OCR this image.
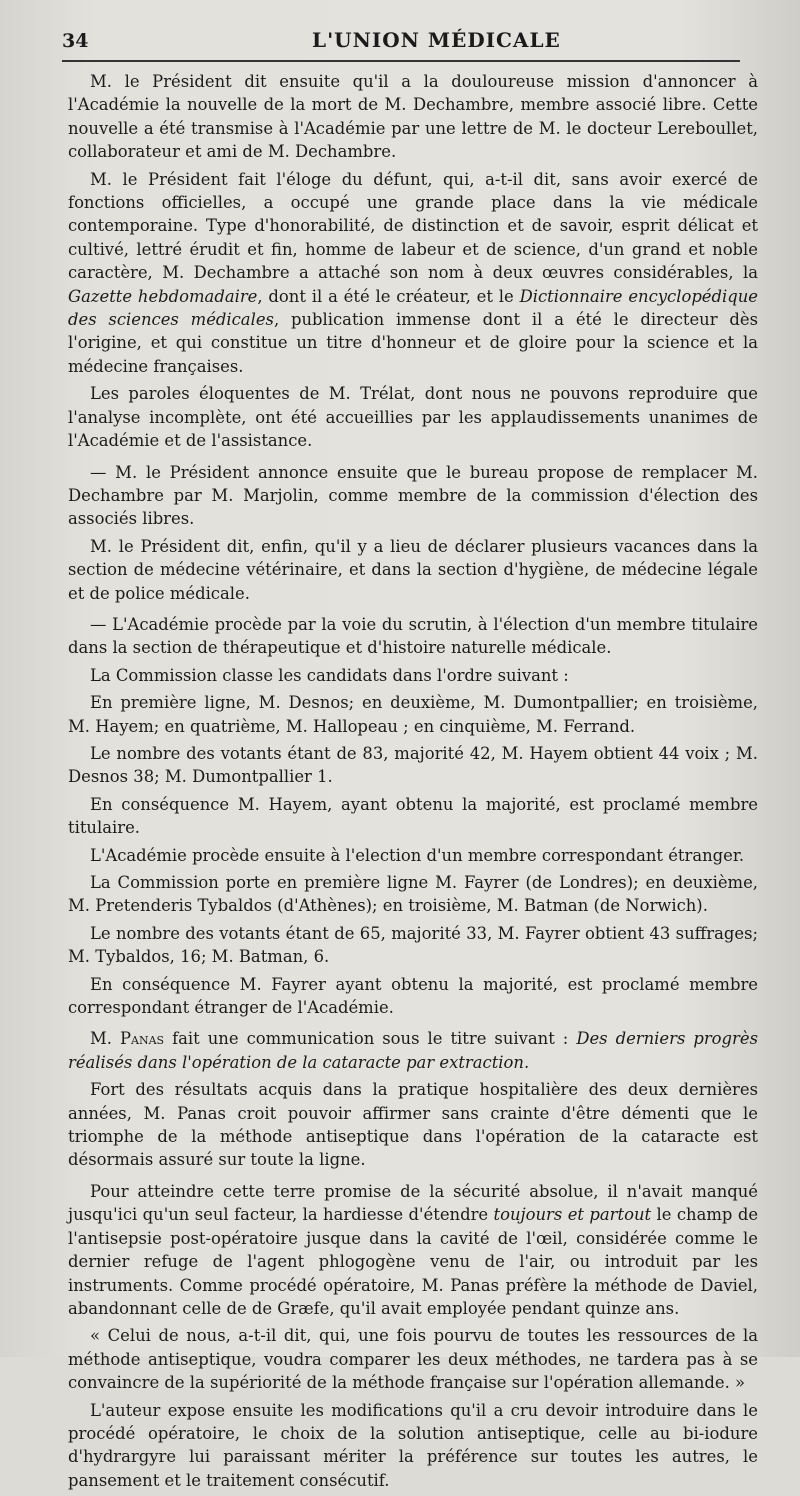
34	L'UNION MÉDICALE

M. le Président dit ensuite qu'il a la douloureuse mission d'annoncer à l'Académie la nouvelle de la mort de M. Dechambre, membre associé libre. Cette nouvelle a été transmise à l'Académie par une lettre de M. le docteur Lereboullet, collaborateur et ami de M. Dechambre.

M. le Président fait l'éloge du défunt, qui, a-t-il dit, sans avoir exercé de fonctions officielles, a occupé une grande place dans la vie médicale contemporaine. Type d'honorabilité, de distinction et de savoir, esprit délicat et cultivé, lettré érudit et fin, homme de labeur et de science, d'un grand et noble caractère, M. Dechambre a attaché son nom à deux œuvres considérables, la Gazette hebdomadaire, dont il a été le créateur, et le Dictionnaire encyclopédique des sciences médicales, publication immense dont il a été le directeur dès l'origine, et qui constitue un titre d'honneur et de gloire pour la science et la médecine françaises.

Les paroles éloquentes de M. Trélat, dont nous ne pouvons reproduire que l'analyse incomplète, ont été accueillies par les applaudissements unanimes de l'Académie et de l'assistance.

— M. le Président annonce ensuite que le bureau propose de remplacer M. Dechambre par M. Marjolin, comme membre de la commission d'élection des associés libres.

M. le Président dit, enfin, qu'il y a lieu de déclarer plusieurs vacances dans la section de médecine vétérinaire, et dans la section d'hygiène, de médecine légale et de police médicale.

— L'Académie procède par la voie du scrutin, à l'élection d'un membre titulaire dans la section de thérapeutique et d'histoire naturelle médicale.

La Commission classe les candidats dans l'ordre suivant :

En première ligne, M. Desnos; en deuxième, M. Dumontpallier; en troisième, M. Hayem; en quatrième, M. Hallopeau ; en cinquième, M. Ferrand.

Le nombre des votants étant de 83, majorité 42, M. Hayem obtient 44 voix ; M. Desnos 38; M. Dumontpallier 1.

En conséquence M. Hayem, ayant obtenu la majorité, est proclamé membre titulaire.

L'Académie procède ensuite à l'election d'un membre correspondant étranger.

La Commission porte en première ligne M. Fayrer (de Londres); en deuxième, M. Pretenderis Tybaldos (d'Athènes); en troisième, M. Batman (de Norwich).

Le nombre des votants étant de 65, majorité 33, M. Fayrer obtient 43 suffrages; M. Tybaldos, 16; M. Batman, 6.

En conséquence M. Fayrer ayant obtenu la majorité, est proclamé membre correspondant étranger de l'Académie.

M. Panas fait une communication sous le titre suivant : Des derniers progrès réalisés dans l'opération de la cataracte par extraction.

Fort des résultats acquis dans la pratique hospitalière des deux dernières années, M. Panas croit pouvoir affirmer sans crainte d'être démenti que le triomphe de la méthode antiseptique dans l'opération de la cataracte est désormais assuré sur toute la ligne.

Pour atteindre cette terre promise de la sécurité absolue, il n'avait manqué jusqu'ici qu'un seul facteur, la hardiesse d'étendre toujours et partout le champ de l'antisepsie post-opératoire jusque dans la cavité de l'œil, considérée comme le dernier refuge de l'agent phlogogène venu de l'air, ou introduit par les instruments. Comme procédé opératoire, M. Panas préfère la méthode de Daviel, abandonnant celle de de Græfe, qu'il avait employée pendant quinze ans.

« Celui de nous, a-t-il dit, qui, une fois pourvu de toutes les ressources de la méthode antiseptique, voudra comparer les deux méthodes, ne tardera pas à se convaincre de la supériorité de la méthode française sur l'opération allemande. »

L'auteur expose ensuite les modifications qu'il a cru devoir introduire dans le procédé opératoire, le choix de la solution antiseptique, celle au bi-iodure d'hydrargyre lui paraissant mériter la préférence sur toutes les autres, le pansement et le traitement consécutif.
